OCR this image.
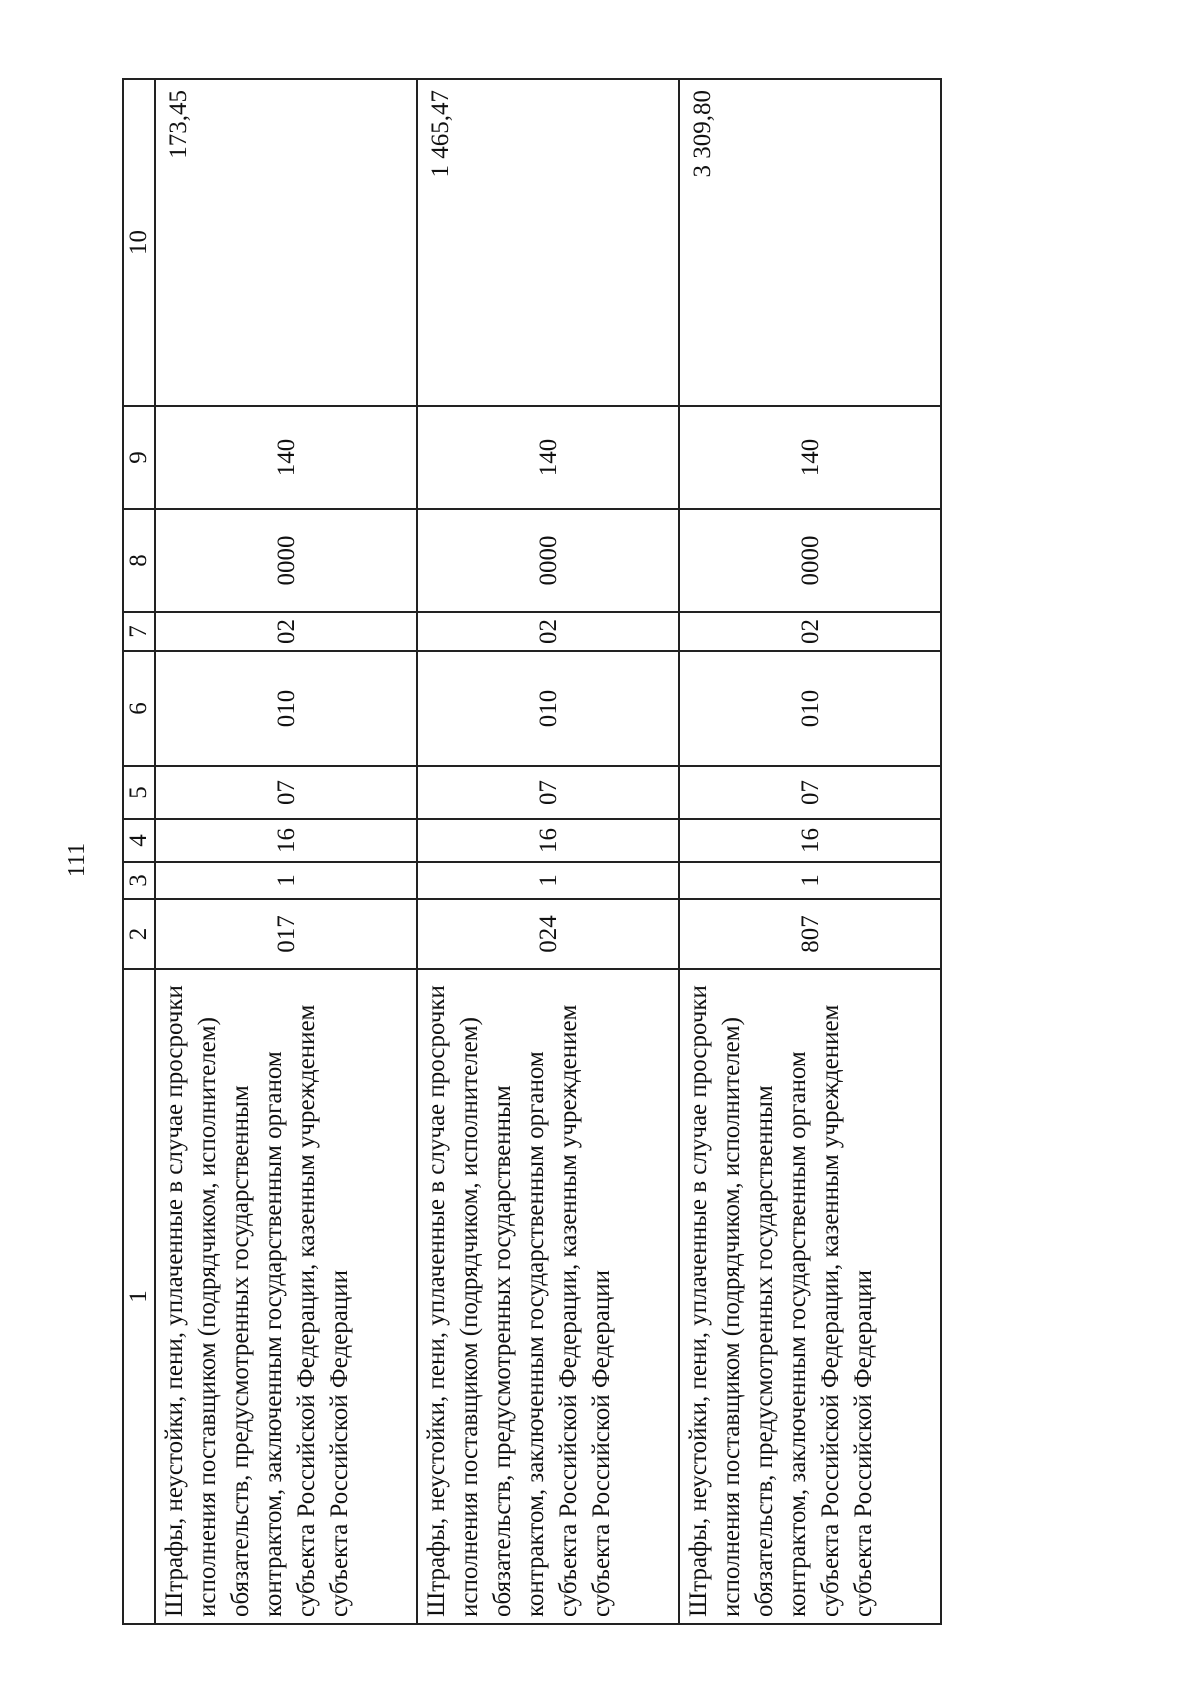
111
1	2	3	4	5	6	7	8	9	10
Штрафы, неустойки, пени, уплаченные в случае просрочки исполнения поставщиком (подрядчиком, исполнителем) обязательств, предусмотренных государственным контрактом, заключенным государственным органом субъекта Российской Федерации, казенным учреждением субъекта Российской Федерации	017	1	16	07	010	02	0000	140	173,45
Штрафы, неустойки, пени, уплаченные в случае просрочки исполнения поставщиком (подрядчиком, исполнителем) обязательств, предусмотренных государственным контрактом, заключенным государственным органом субъекта Российской Федерации, казенным учреждением субъекта Российской Федерации	024	1	16	07	010	02	0000	140	1 465,47
Штрафы, неустойки, пени, уплаченные в случае просрочки исполнения поставщиком (подрядчиком, исполнителем) обязательств, предусмотренных государственным контрактом, заключенным государственным органом субъекта Российской Федерации, казенным учреждением субъекта Российской Федерации	807	1	16	07	010	02	0000	140	3 309,80
